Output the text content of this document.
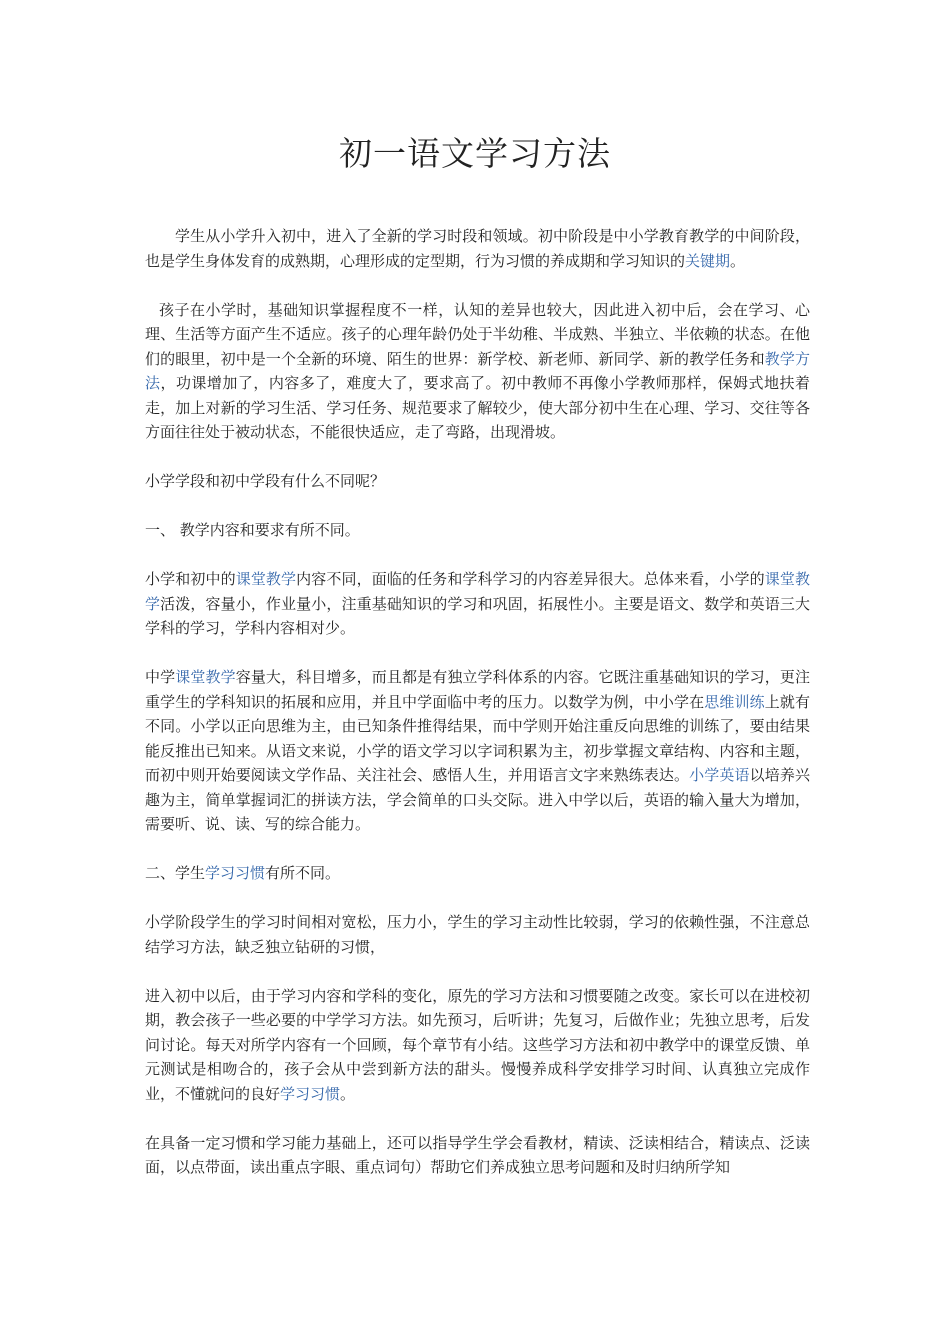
初一语文学习方法

学生从小学升入初中，进入了全新的学习时段和领域。初中阶段是中小学教育教学的中间阶段，也是学生身体发育的成熟期，心理形成的定型期，行为习惯的养成期和学习知识的关键期。

孩子在小学时，基础知识掌握程度不一样，认知的差异也较大，因此进入初中后，会在学习、心理、生活等方面产生不适应。孩子的心理年龄仍处于半幼稚、半成熟、半独立、半依赖的状态。在他们的眼里，初中是一个全新的环境、陌生的世界：新学校、新老师、新同学、新的教学任务和教学方法，功课增加了，内容多了，难度大了，要求高了。初中教师不再像小学教师那样，保姆式地扶着走，加上对新的学习生活、学习任务、规范要求了解较少，使大部分初中生在心理、学习、交往等各方面往往处于被动状态，不能很快适应，走了弯路，出现滑坡。

小学学段和初中学段有什么不同呢？

一、 教学内容和要求有所不同。

小学和初中的课堂教学内容不同，面临的任务和学科学习的内容差异很大。总体来看，小学的课堂教学活泼，容量小，作业量小，注重基础知识的学习和巩固，拓展性小。主要是语文、数学和英语三大学科的学习，学科内容相对少。

中学课堂教学容量大，科目增多，而且都是有独立学科体系的内容。它既注重基础知识的学习，更注重学生的学科知识的拓展和应用，并且中学面临中考的压力。以数学为例，中小学在思维训练上就有不同。小学以正向思维为主，由已知条件推得结果，而中学则开始注重反向思维的训练了，要由结果能反推出已知来。从语文来说，小学的语文学习以字词积累为主，初步掌握文章结构、内容和主题，而初中则开始要阅读文学作品、关注社会、感悟人生，并用语言文字来熟练表达。小学英语以培养兴趣为主，简单掌握词汇的拼读方法，学会简单的口头交际。进入中学以后，英语的输入量大为增加，需要听、说、读、写的综合能力。

二、学生学习习惯有所不同。

小学阶段学生的学习时间相对宽松，压力小，学生的学习主动性比较弱，学习的依赖性强，不注意总结学习方法，缺乏独立钻研的习惯，

进入初中以后，由于学习内容和学科的变化，原先的学习方法和习惯要随之改变。家长可以在进校初期，教会孩子一些必要的中学学习方法。如先预习，后听讲；先复习，后做作业；先独立思考，后发问讨论。每天对所学内容有一个回顾，每个章节有小结。这些学习方法和初中教学中的课堂反馈、单元测试是相吻合的，孩子会从中尝到新方法的甜头。慢慢养成科学安排学习时间、认真独立完成作业，不懂就问的良好学习习惯。

在具备一定习惯和学习能力基础上，还可以指导学生学会看教材，精读、泛读相结合，精读点、泛读面，以点带面，读出重点字眼、重点词句）帮助它们养成独立思考问题和及时归纳所学知
